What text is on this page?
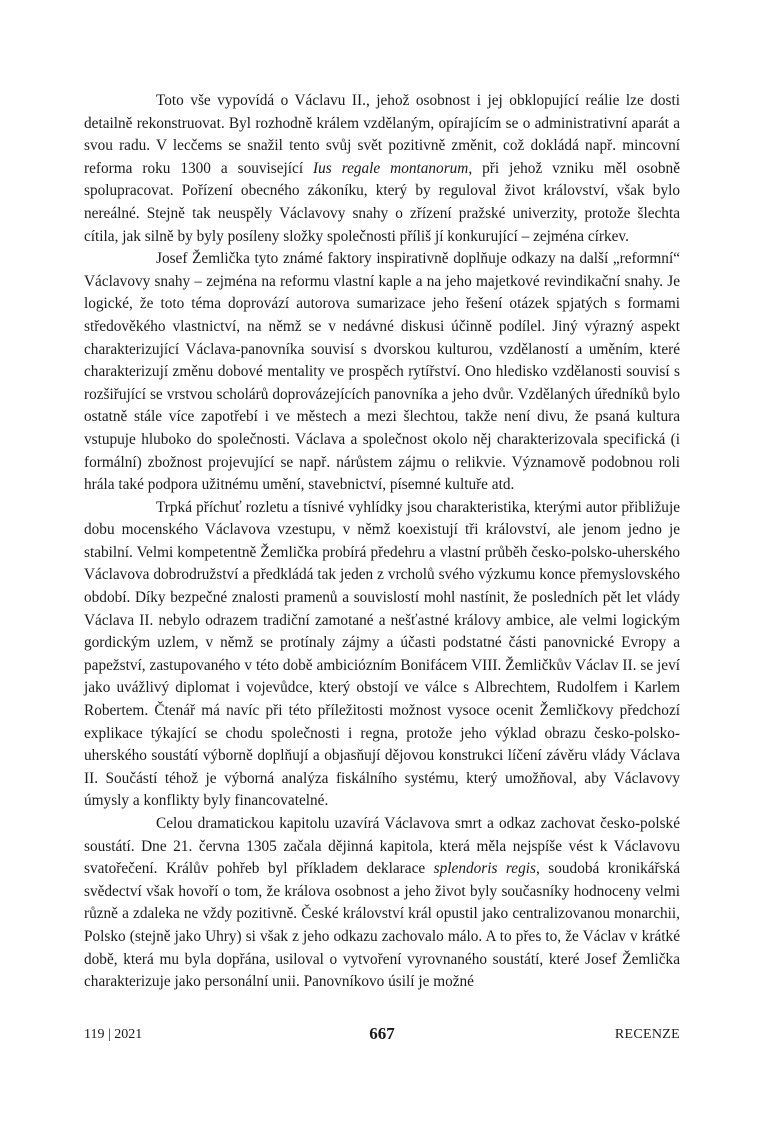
Toto vše vypovídá o Václavu II., jehož osobnost i jej obklopující reálie lze dosti detailně rekonstruovat. Byl rozhodně králem vzdělaným, opírajícím se o administrativní aparát a svou radu. V lecčems se snažil tento svůj svět pozitivně změnit, což dokládá např. mincovní reforma roku 1300 a související Ius regale montanorum, při jehož vzniku měl osobně spolupracovat. Pořízení obecného zákoníku, který by reguloval život království, však bylo nereálné. Stejně tak neuspěly Václavovy snahy o zřízení pražské univerzity, protože šlechta cítila, jak silně by byly posíleny složky společnosti příliš jí konkurující – zejména církev.

Josef Žemlička tyto známé faktory inspirativně doplňuje odkazy na další „reformní“ Václavovy snahy – zejména na reformu vlastní kaple a na jeho majetkové revindikační snahy. Je logické, že toto téma doprovází autorova sumarizace jeho řešení otázek spjatých s formami středověkého vlastnictví, na němž se v nedávné diskusi účinně podílel. Jiný výrazný aspekt charakterizující Václava-panovníka souvisí s dvorskou kulturou, vzdělaností a uměním, které charakterizují změnu dobové mentality ve prospěch rytířství. Ono hledisko vzdělanosti souvisí s rozšiřující se vrstvou scholárů doprovázejících panovníka a jeho dvůr. Vzdělaných úředníků bylo ostatně stále více zapotřebí i ve městech a mezi šlechtou, takže není divu, že psaná kultura vstupuje hluboko do společnosti. Václava a společnost okolo něj charakterizovala specifická (i formální) zbožnost projevující se např. nárůstem zájmu o relikvie. Významově podobnou roli hrála také podpora užitnému umění, stavebnictví, písemné kultuře atd.

Trpká příchuť rozletu a tísnivé vyhlídky jsou charakteristika, kterými autor přibližuje dobu mocenského Václavova vzestupu, v němž koexistují tři království, ale jenom jedno je stabilní. Velmi kompetentně Žemlička probírá předehru a vlastní průběh česko-polsko-uherského Václavova dobrodružství a předkládá tak jeden z vrcholů svého výzkumu konce přemyslovského období. Díky bezpečné znalosti pramenů a souvislostí mohl nastínit, že posledních pět let vlády Václava II. nebylo odrazem tradiční zamotané a nešťastné královy ambice, ale velmi logickým gordickým uzlem, v němž se protínaly zájmy a účasti podstatné části panovnické Evropy a papežství, zastupovaného v této době ambiciózním Bonifácem VIII. Žemličkův Václav II. se jeví jako uvážlivý diplomat i vojevůdce, který obstojí ve válce s Albrechtem, Rudolfem i Karlem Robertem. Čtenář má navíc při této příležitosti možnost vysoce ocenit Žemličkovy předchozí explikace týkající se chodu společnosti i regna, protože jeho výklad obrazu česko-polsko-uherského soustátí výborně doplňují a objasňují dějovou konstrukci líčení závěru vlády Václava II. Součástí téhož je výborná analýza fiskálního systému, který umožňoval, aby Václavovy úmysly a konflikty byly financovatelné.

Celou dramatickou kapitolu uzavírá Václavova smrt a odkaz zachovat česko-polské soustátí. Dne 21. června 1305 začala dějinná kapitola, která měla nejspíše vést k Václavovu svatořečení. Králův pohřeb byl příkladem deklarace splendoris regis, soudobá kronikářská svědectví však hovoří o tom, že králova osobnost a jeho život byly současníky hodnoceny velmi různě a zdaleka ne vždy pozitivně. České království král opustil jako centralizovanou monarchii, Polsko (stejně jako Uhry) si však z jeho odkazu zachovalo málo. A to přes to, že Václav v krátké době, která mu byla dopřána, usiloval o vytvoření vyrovnaného soustátí, které Josef Žemlička charakterizuje jako personální unii. Panovníkovo úsilí je možné

119 | 2021	667	RECENZE
